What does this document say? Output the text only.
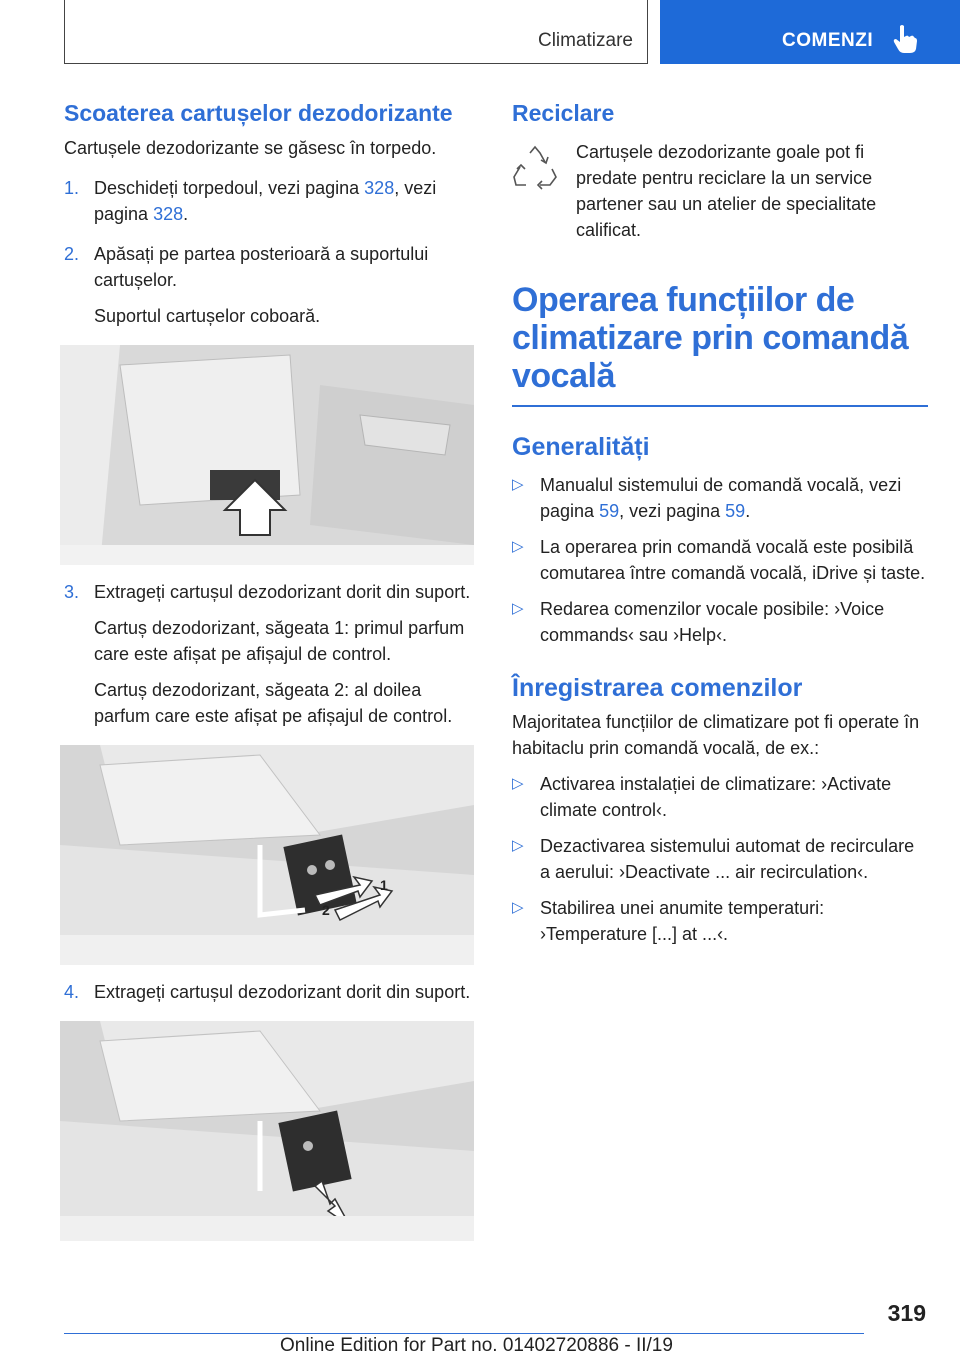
Climatizare	COMENZI
Scoaterea cartușelor dezodorizante

Cartușele dezodorizante se găsesc în torpedo.

1. Deschideți torpedoul, vezi pagina 328, vezi pagina 328.

2. Apăsați pe partea posterioară a suportului cartușelor.

Suportul cartușelor coboară.

3. Extrageți cartușul dezodorizant dorit din suport.

Cartuș dezodorizant, săgeata 1: primul parfum care este afișat pe afișajul de control.

Cartuș dezodorizant, săgeata 2: al doilea parfum care este afișat pe afișajul de control.

2
1
4. Extrageți cartușul dezodorizant dorit din suport.

Reciclare

Cartușele dezodorizante goale pot fi predate pentru reciclare la un service partener sau un atelier de specialitate calificat.

Operarea funcțiilor de climatizare prin comandă vocală
Generalități
▷ Manualul sistemului de comandă vocală, vezi pagina 59, vezi pagina 59.

▷ La operarea prin comandă vocală este posibilă comutarea între comandă vocală, iDrive și taste.

▷ Redarea comenzilor vocale posibile: ›Voice commands‹ sau ›Help‹.

Înregistrarea comenzilor

Majoritatea funcțiilor de climatizare pot fi operate în habitaclu prin comandă vocală, de ex.:

▷ Activarea instalației de climatizare: ›Activate climate control‹.

▷ Dezactivarea sistemului automat de recirculare a aerului: ›Deactivate ... air recirculation‹.

▷ Stabilirea unei anumite temperaturi: ›Temperature [...] at ...‹.

319
Online Edition for Part no. 01402720886 - II/19
